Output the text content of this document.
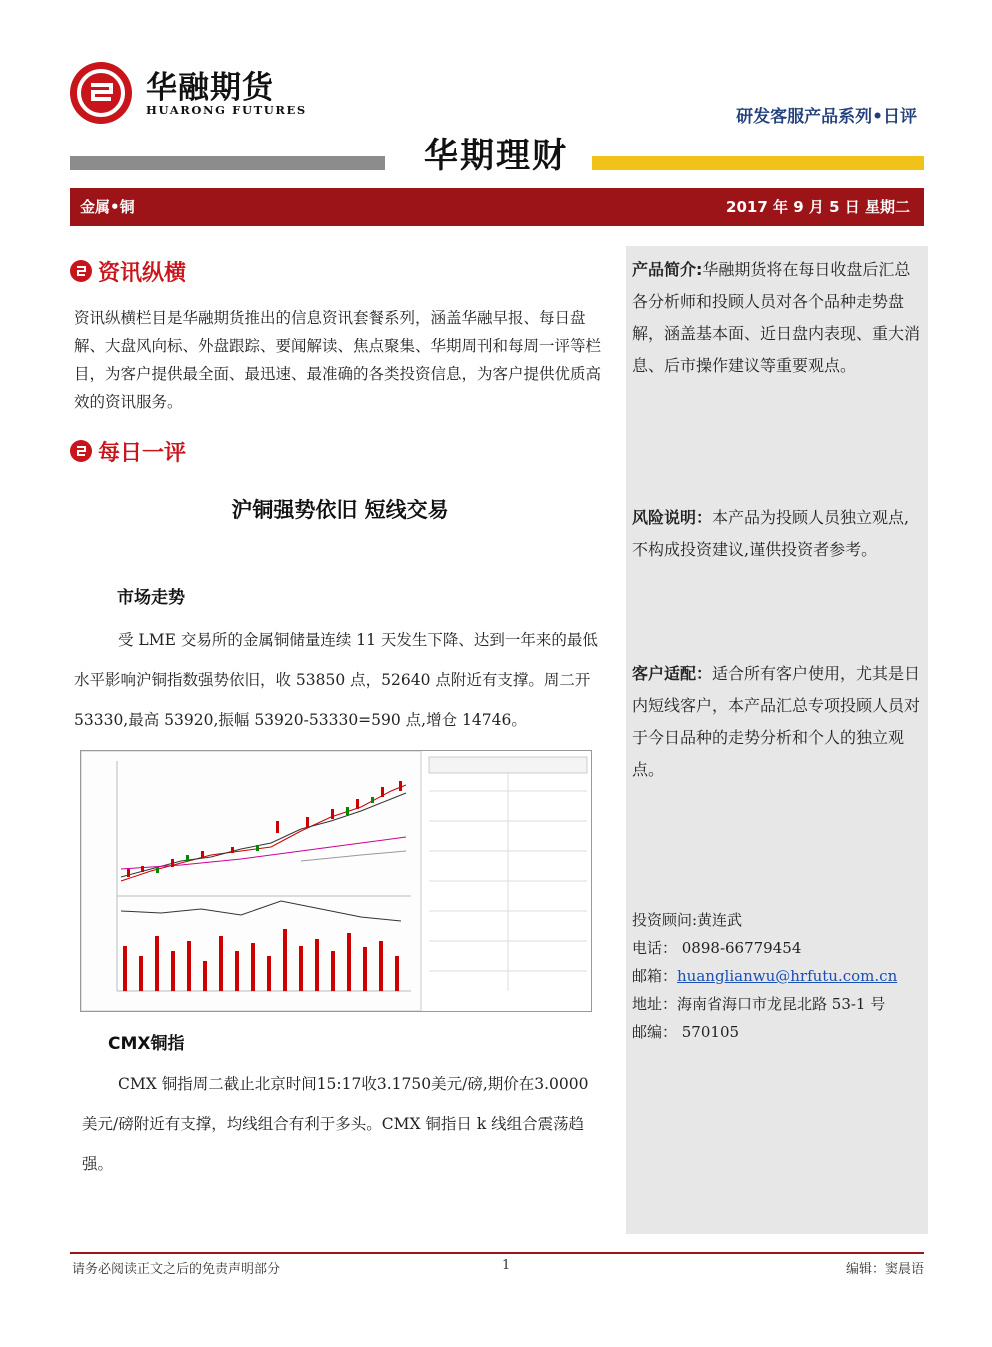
华融期货
HUARONG FUTURES	研发客服产品系列•日评
华期理财
金属•铜	2017 年 9 月 5 日 星期二
产品简介:华融期货将在每日收盘后汇总各分析师和投顾人员对各个品种走势盘解，涵盖基本面、近日盘内表现、重大消息、后市操作建议等重要观点。
风险说明：本产品为投顾人员独立观点,不构成投资建议,谨供投资者参考。
客户适配：适合所有客户使用，尤其是日内短线客户，本产品汇总专项投顾人员对于今日品种的走势分析和个人的独立观点。
投资顾问:黄连武
电话： 0898-66779454
邮箱：huanglianwu@hrfutu.com.cn
地址：海南省海口市龙昆北路 53-1 号
邮编： 570105
资讯纵横
资讯纵横栏目是华融期货推出的信息资讯套餐系列，涵盖华融早报、每日盘解、大盘风向标、外盘跟踪、要闻解读、焦点聚集、华期周刊和每周一评等栏目，为客户提供最全面、最迅速、最准确的各类投资信息，为客户提供优质高效的资讯服务。
每日一评
沪铜强势依旧 短线交易
市场走势
受 LME 交易所的金属铜储量连续 11 天发生下降、达到一年来的最低水平影响沪铜指数强势依旧，收 53850 点，52640 点附近有支撑。周二开 53330,最高 53920,振幅 53920-53330=590 点,增仓 14746。
CMX铜指
CMX 铜指周二截止北京时间15:17收3.1750美元/磅,期价在3.0000美元/磅附近有支撑，均线组合有利于多头。CMX 铜指日 k 线组合震荡趋强。
请务必阅读正文之后的免责声明部分	1	编辑：窦晨语
